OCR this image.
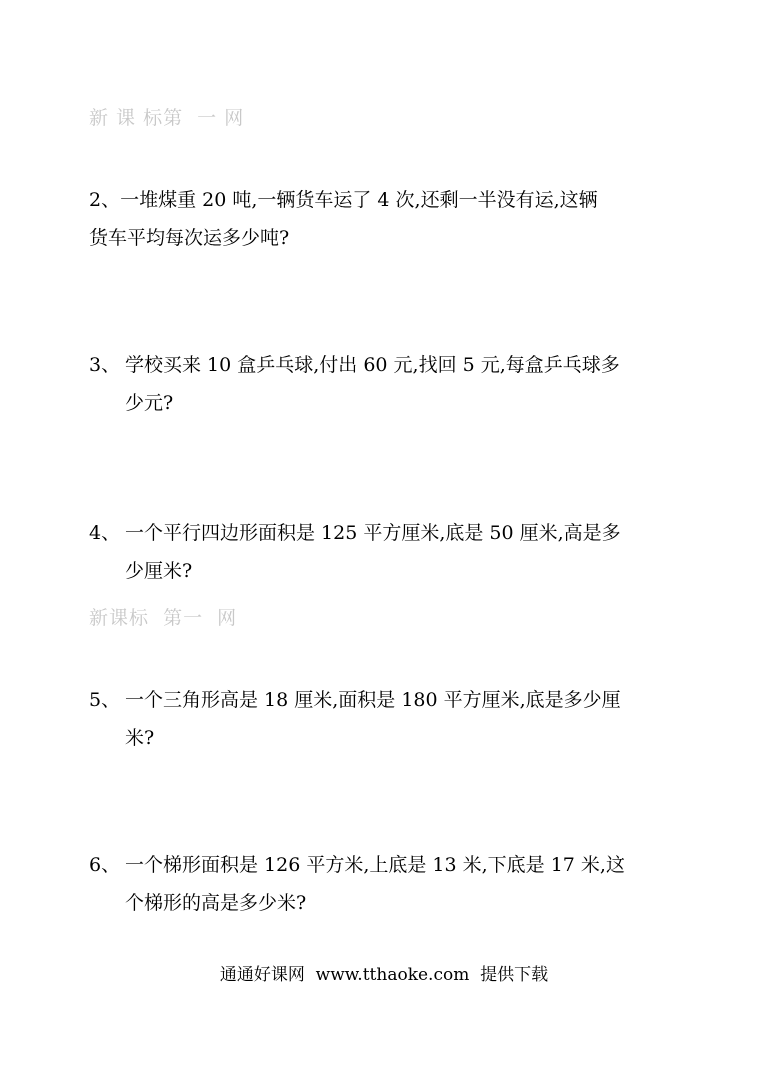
新 课 标第  一 网
2、一堆煤重 20 吨,一辆货车运了 4 次,还剩一半没有运,这辆
货车平均每次运多少吨?
3、 学校买来 10 盒乒乓球,付出 60 元,找回 5 元,每盒乒乓球多
少元?
4、 一个平行四边形面积是 125 平方厘米,底是 50 厘米,高是多
少厘米?
新课标  第一  网
5、 一个三角形高是 18 厘米,面积是 180 平方厘米,底是多少厘
米?
6、 一个梯形面积是 126 平方米,上底是 13 米,下底是 17 米,这
个梯形的高是多少米?
通通好课网  www.tthaoke.com  提供下载
